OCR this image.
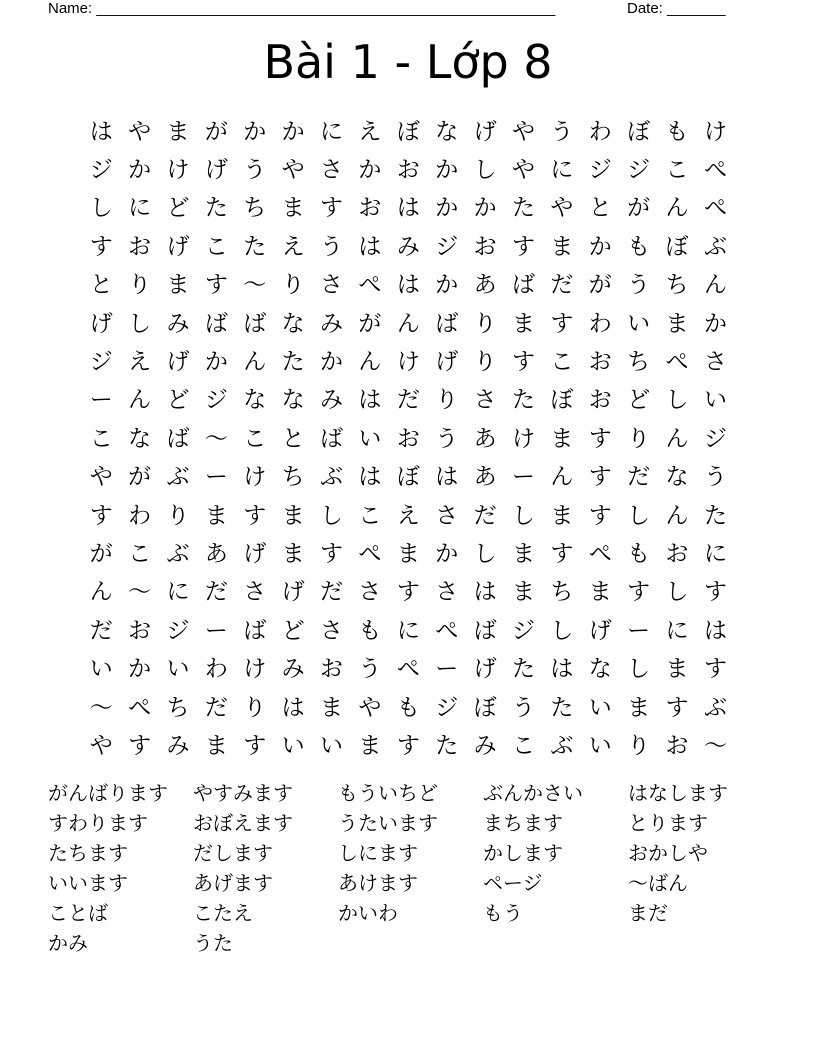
Name: _______________________________________________________	Date: _______
Bài 1 - Lớp 8
は や ま が か か に え ぼ な げ や う わ ぼ も け
ジ か け げ う や さ か お か し や に ジ ジ こ ぺ
し に ど た ち ま す お は か か た や と が ん ぺ
す お げ こ た え う は み ジ お す ま か も ぼ ぶ
と り ま す 〜 り さ ぺ は か あ ば だ が う ち ん
げ し み ば ば な み が ん ば り ま す わ い ま か
ジ え げ か ん た か ん け げ り す こ お ち ぺ さ
ー ん ど ジ な な み は だ り さ た ぼ お ど し い
こ な ば 〜 こ と ば い お う あ け ま す り ん ジ
や が ぶ ー け ち ぶ は ぼ は あ ー ん す だ な う
す わ り ま す ま し こ え さ だ し ま す し ん た
が こ ぶ あ げ ま す ぺ ま か し ま す ぺ も お に
ん 〜 に だ さ げ だ さ す さ は ま ち ま す し す
だ お ジ ー ば ど さ も に ぺ ば ジ し げ ー に は
い か い わ け み お う ぺ ー げ た は な し ま す
〜 ぺ ち だ り は ま や も ジ ぼ う た い ま す ぶ
や す み ま す い い ま す た み こ ぶ い り お 〜
がんばります	やすみます	もういちど	ぶんかさい	はなします
すわります	おぼえます	うたいます	まちます	とります
たちます	だします	しにます	かします	おかしや
いいます	あげます	あけます	ページ	〜ばん
ことば	こたえ	かいわ	もう	まだ
かみ	うた
